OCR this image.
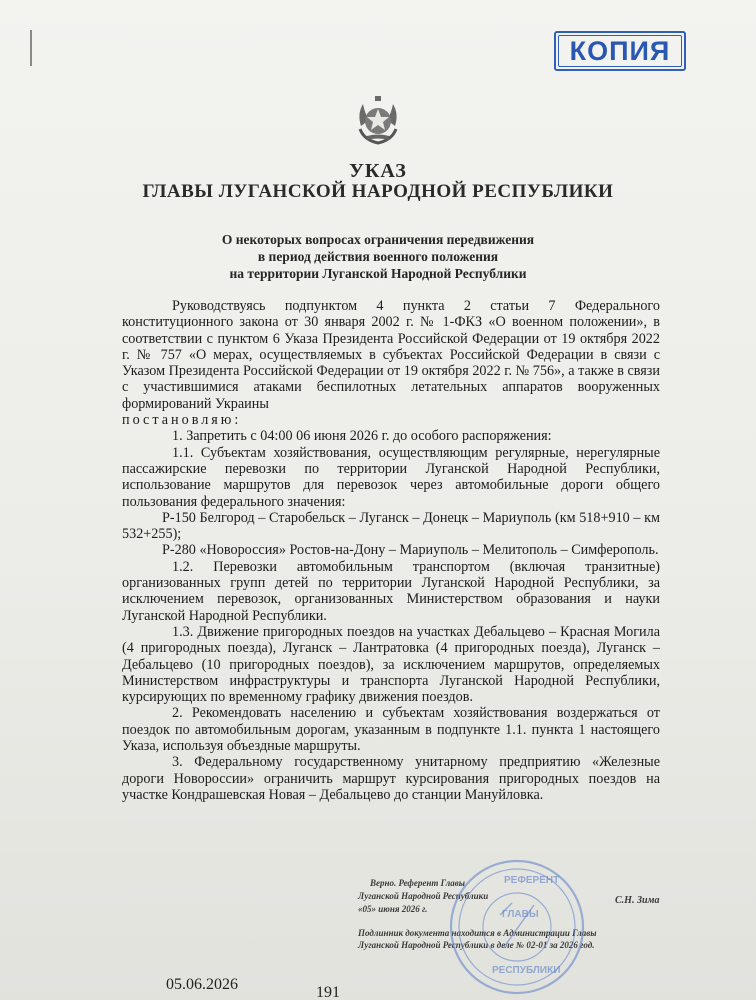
КОПИЯ
УКАЗ
ГЛАВЫ ЛУГАНСКОЙ НАРОДНОЙ РЕСПУБЛИКИ
О некоторых вопросах ограничения передвижения
в период действия военного положения
на территории Луганской Народной Республики

Руководствуясь подпунктом 4 пункта 2 статьи 7 Федерального конституционного закона от 30 января 2002 г. № 1-ФКЗ «О военном положении», в соответствии с пунктом 6 Указа Президента Российской Федерации от 19 октября 2022 г. № 757 «О мерах, осуществляемых в субъектах Российской Федерации в связи с Указом Президента Российской Федерации от 19 октября 2022 г. № 756», а также в связи с участившимися атаками беспилотных летательных аппаратов вооруженных формирований Украины

постановляю:

1. Запретить с 04:00 06 июня 2026 г. до особого распоряжения:

1.1. Субъектам хозяйствования, осуществляющим регулярные, нерегулярные пассажирские перевозки по территории Луганской Народной Республики, использование маршрутов для перевозок через автомобильные дороги общего пользования федерального значения:

Р-150 Белгород – Старобельск – Луганск – Донецк – Мариуполь (км 518+910 – км 532+255);

Р-280 «Новороссия» Ростов-на-Дону – Мариуполь – Мелитополь – Симферополь.

1.2. Перевозки автомобильным транспортом (включая транзитные) организованных групп детей по территории Луганской Народной Республики, за исключением перевозок, организованных Министерством образования и науки Луганской Народной Республики.

1.3. Движение пригородных поездов на участках Дебальцево – Красная Могила (4 пригородных поезда), Луганск – Лантратовка (4 пригородных поезда), Луганск – Дебальцево (10 пригородных поездов), за исключением маршрутов, определяемых Министерством инфраструктуры и транспорта Луганской Народной Республики, курсирующих по временному графику движения поездов.

2. Рекомендовать населению и субъектам хозяйствования воздержаться от поездок по автомобильным дорогам, указанным в подпункте 1.1. пункта 1 настоящего Указа, используя объездные маршруты.

3. Федеральному государственному унитарному предприятию «Железные дороги Новороссии» ограничить маршрут курсирования пригородных поездов на участке Кондрашевская Новая – Дебальцево до станции Мануйловка.

Верно. Референт Главы
Луганской Народной Республики
«05» июня 2026 г.
С.Н. Зима
Подлинник документа находится в Администрации Главы
Луганской Народной Республики в деле № 02-01 за 2026 год.
РЕФЕРЕНТ
ГЛАВЫ
РЕСПУБЛИКИ
05.06.2026	191
